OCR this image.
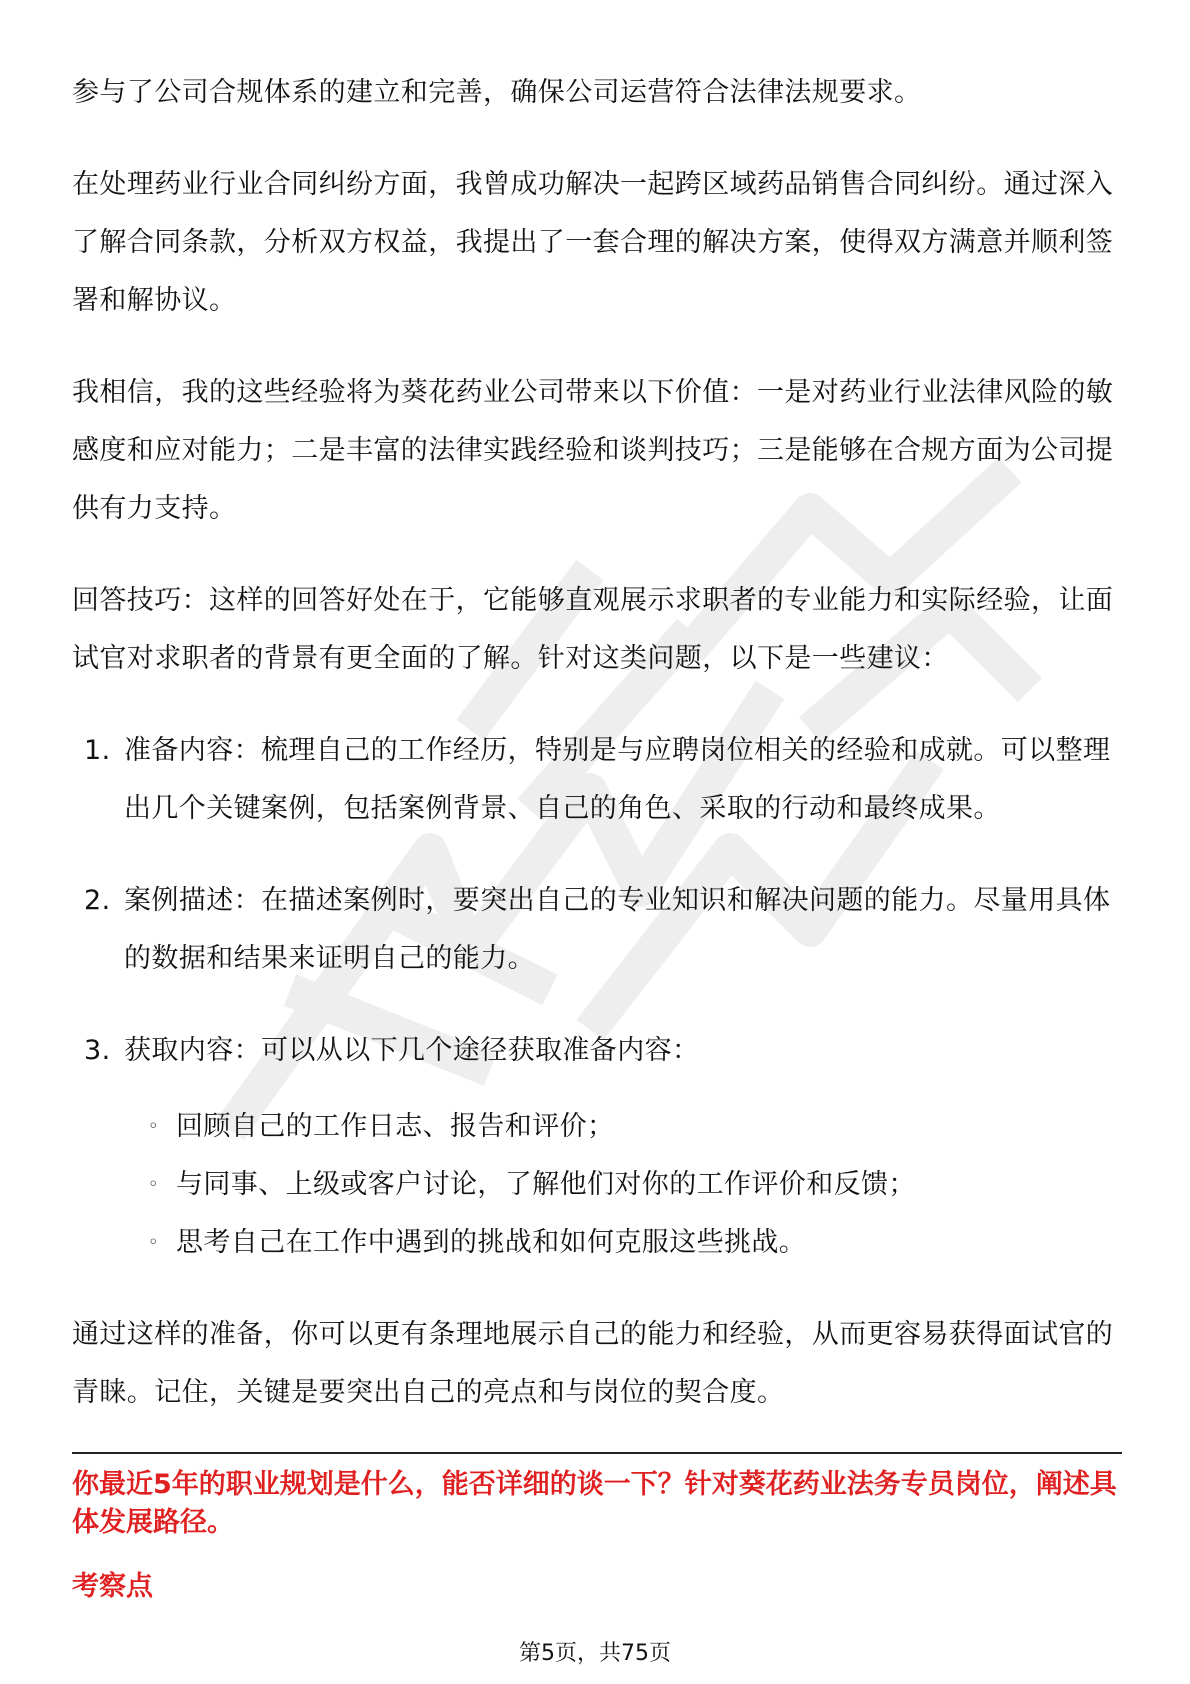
参与了公司合规体系的建立和完善，确保公司运营符合法律法规要求。

在处理药业行业合同纠纷方面，我曾成功解决一起跨区域药品销售合同纠纷。通过深入了解合同条款，分析双方权益，我提出了一套合理的解决方案，使得双方满意并顺利签署和解协议。

我相信，我的这些经验将为葵花药业公司带来以下价值：一是对药业行业法律风险的敏感度和应对能力；二是丰富的法律实践经验和谈判技巧；三是能够在合规方面为公司提供有力支持。

回答技巧：这样的回答好处在于，它能够直观展示求职者的专业能力和实际经验，让面试官对求职者的背景有更全面的了解。针对这类问题，以下是一些建议：

1. 准备内容：梳理自己的工作经历，特别是与应聘岗位相关的经验和成就。可以整理出几个关键案例，包括案例背景、自己的角色、采取的行动和最终成果。
2. 案例描述：在描述案例时，要突出自己的专业知识和解决问题的能力。尽量用具体的数据和结果来证明自己的能力。
3. 获取内容：可以从以下几个途径获取准备内容：
◦ 回顾自己的工作日志、报告和评价；
◦ 与同事、上级或客户讨论，了解他们对你的工作评价和反馈；
◦ 思考自己在工作中遇到的挑战和如何克服这些挑战。

通过这样的准备，你可以更有条理地展示自己的能力和经验，从而更容易获得面试官的青睐。记住，关键是要突出自己的亮点和与岗位的契合度。

你最近5年的职业规划是什么，能否详细的谈一下？针对葵花药业法务专员岗位，阐述具体发展路径。
考察点
第5页，共75页
